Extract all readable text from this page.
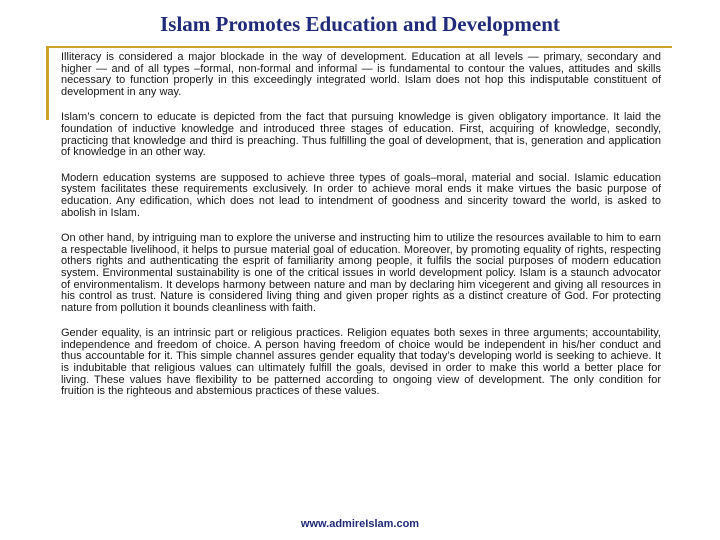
Islam Promotes Education and Development

Illiteracy is considered a major blockade in the way of development. Education at all levels — primary, secondary and higher — and of all types –formal, non-formal and informal — is fundamental to contour the values, attitudes and skills necessary to function properly in this exceedingly integrated world. Islam does not hop this indisputable constituent of development in any way.

Islam’s concern to educate is depicted from the fact that pursuing knowledge is given obligatory importance. It laid the foundation of inductive knowledge and introduced three stages of education. First, acquiring of knowledge, secondly, practicing that knowledge and third is preaching. Thus fulfilling the goal of development, that is, generation and application of knowledge in an other way.

Modern education systems are supposed to achieve three types of goals–moral, material and social. Islamic education system facilitates these requirements exclusively. In order to achieve moral ends it make virtues the basic purpose of education. Any edification, which does not lead to intendment of goodness and sincerity toward the world, is asked to abolish in Islam.

On other hand, by intriguing man to explore the universe and instructing him to utilize the resources available to him to earn a respectable livelihood, it helps to pursue material goal of education. Moreover, by promoting equality of rights, respecting others rights and authenticating the esprit of familiarity among people, it fulfils the social purposes of modern education system. Environmental sustainability is one of the critical issues in world development policy. Islam is a staunch advocator of environmentalism. It develops harmony between nature and man by declaring him vicegerent and giving all resources in his control as trust. Nature is considered living thing and given proper rights as a distinct creature of God. For protecting nature from pollution it bounds cleanliness with faith.

Gender equality, is an intrinsic part or religious practices. Religion equates both sexes in three arguments; accountability, independence and freedom of choice. A person having freedom of choice would be independent in his/her conduct and thus accountable for it. This simple channel assures gender equality that today’s developing world is seeking to achieve. It is indubitable that religious values can ultimately fulfill the goals, devised in order to make this world a better place for living. These values have flexibility to be patterned according to ongoing view of development. The only condition for fruition is the righteous and abstemious practices of these values.

www.admireIslam.com
